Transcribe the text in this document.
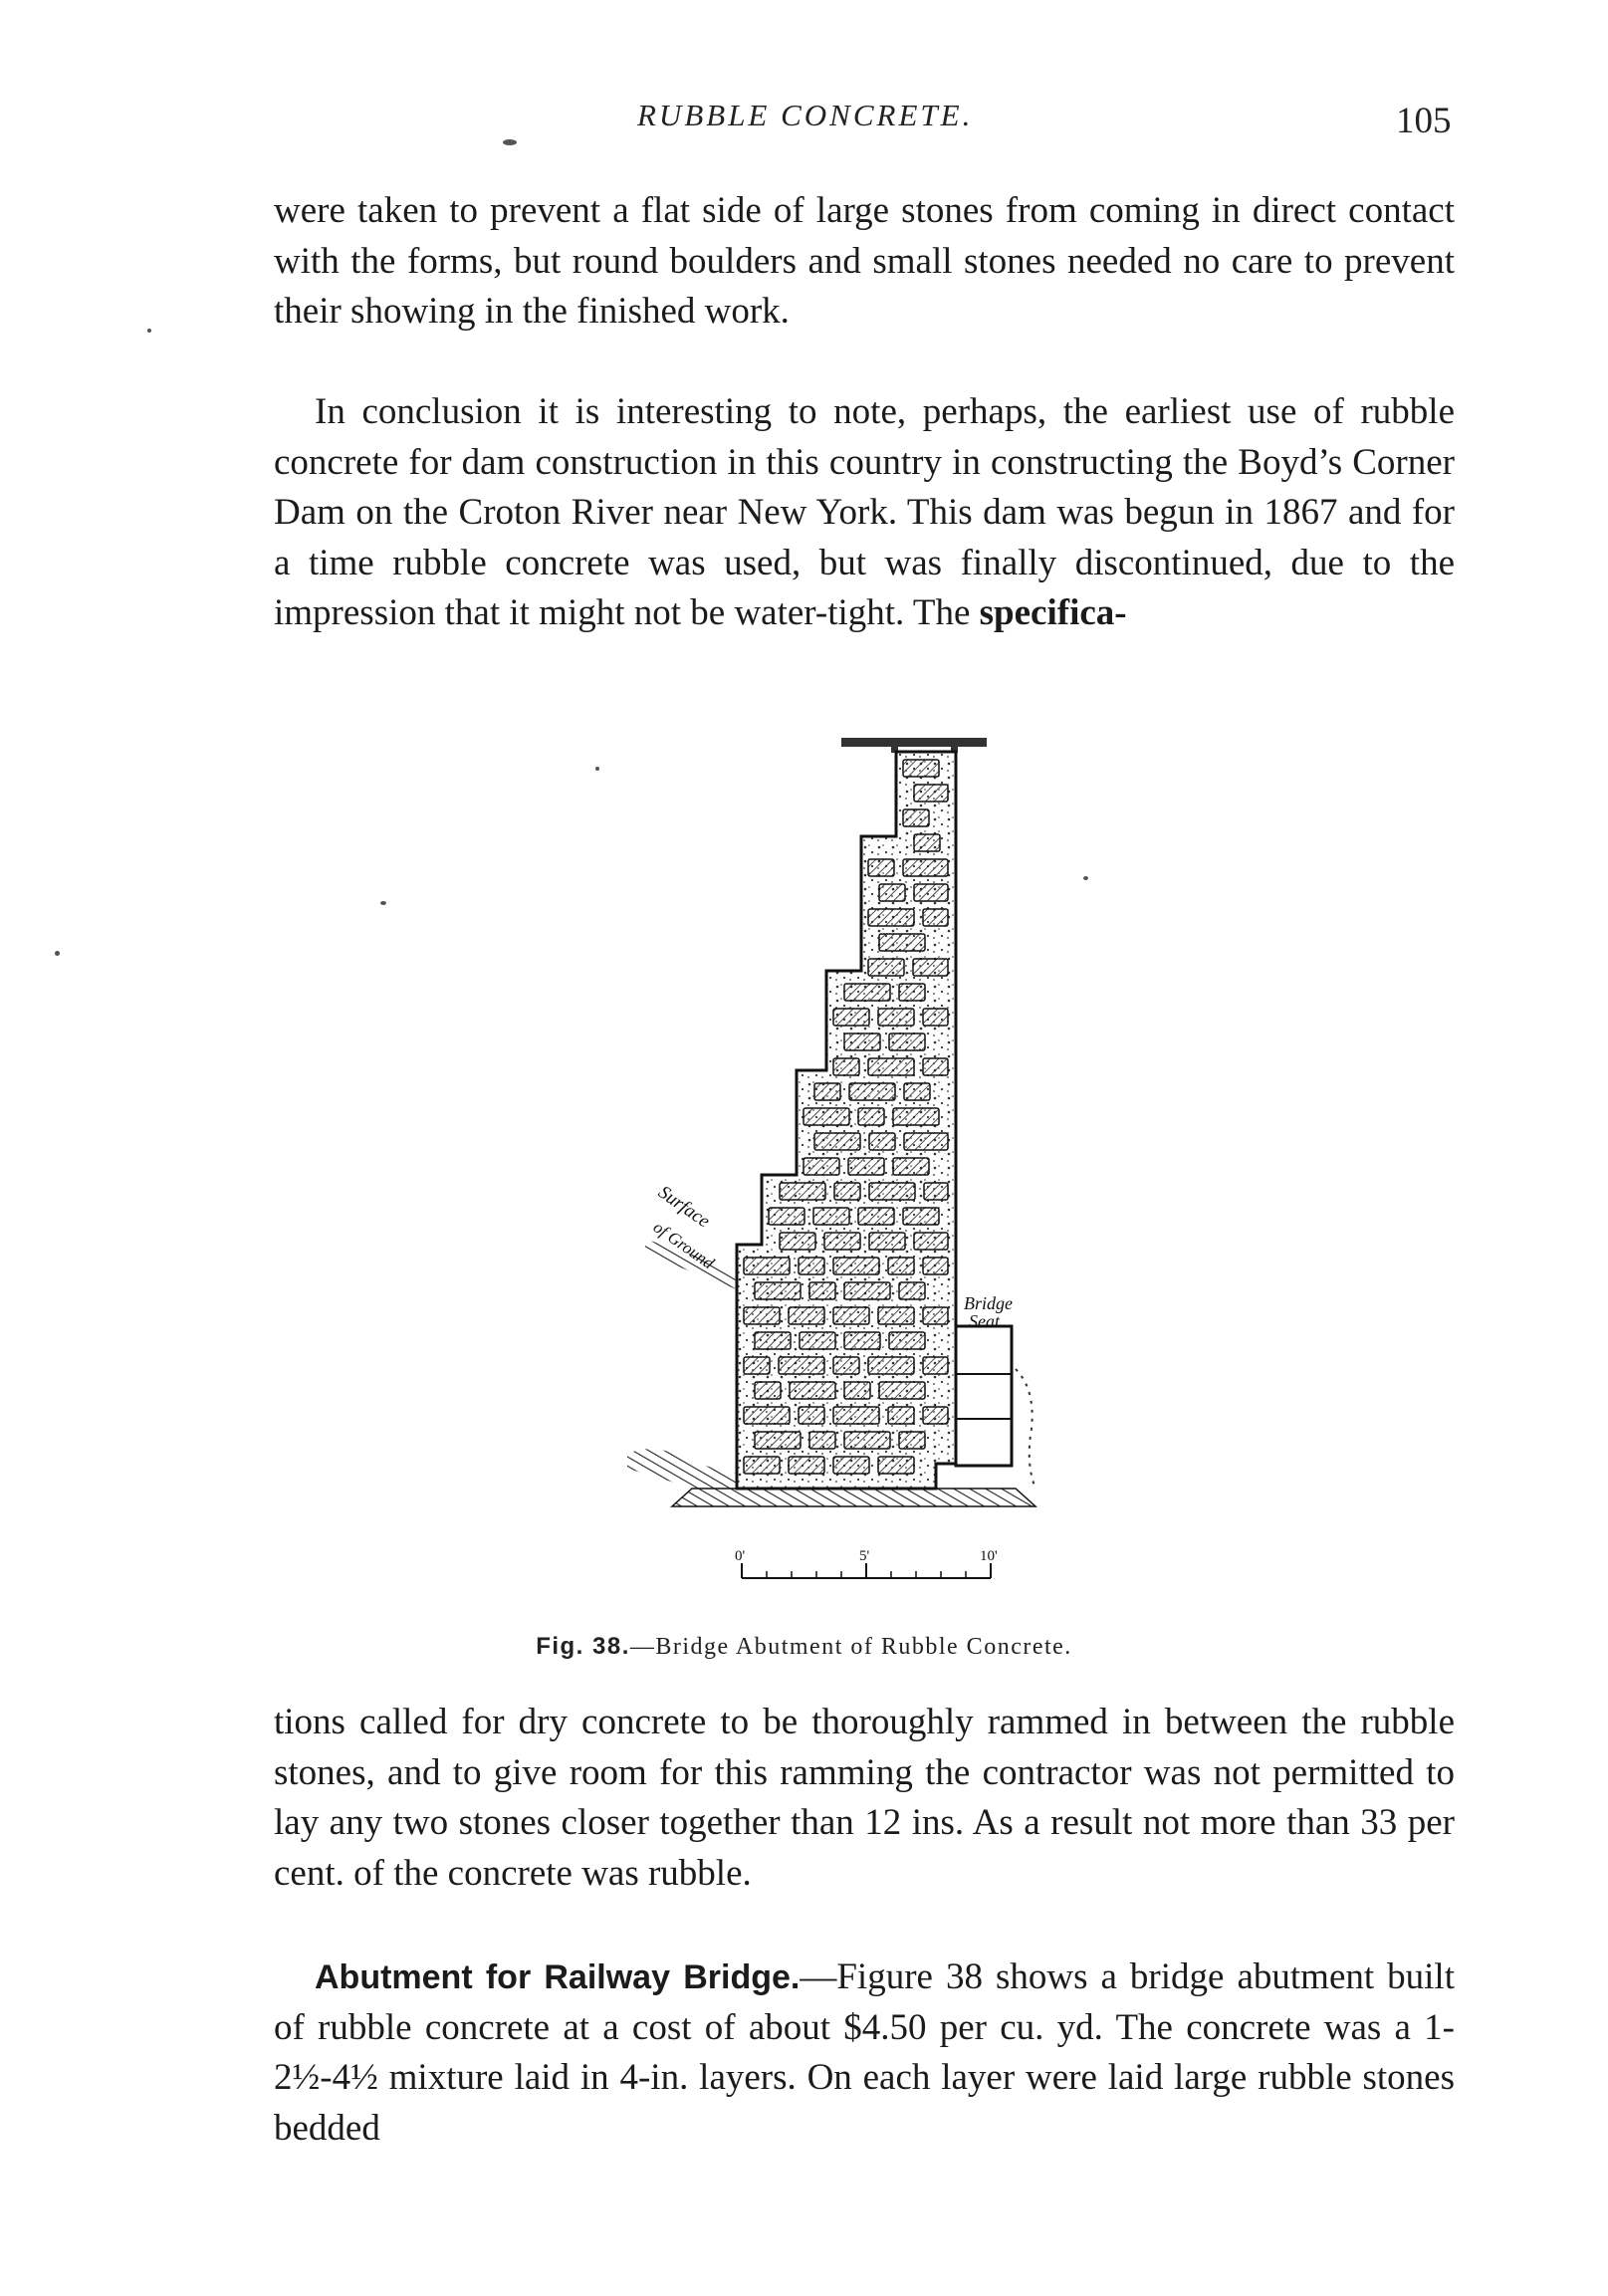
RUBBLE CONCRETE.	105

were taken to prevent a flat side of large stones from coming in direct contact with the forms, but round boulders and small stones needed no care to prevent their showing in the finished work.

In conclusion it is interesting to note, perhaps, the earliest use of rubble concrete for dam construction in this country in constructing the Boyd’s Corner Dam on the Croton River near New York. This dam was begun in 1867 and for a time rubble concrete was used, but was finally discontinued, due to the impression that it might not be water-tight. The specifica-

Surface
of Ground
Bridge
Seat
0'	5'	10'
Fig. 38.—Bridge Abutment of Rubble Concrete.

tions called for dry concrete to be thoroughly rammed in between the rubble stones, and to give room for this ramming the contractor was not permitted to lay any two stones closer together than 12 ins. As a result not more than 33 per cent. of the concrete was rubble.

Abutment for Railway Bridge.—Figure 38 shows a bridge abutment built of rubble concrete at a cost of about $4.50 per cu. yd. The concrete was a 1-2½-4½ mixture laid in 4-in. layers. On each layer were laid large rubble stones bedded
